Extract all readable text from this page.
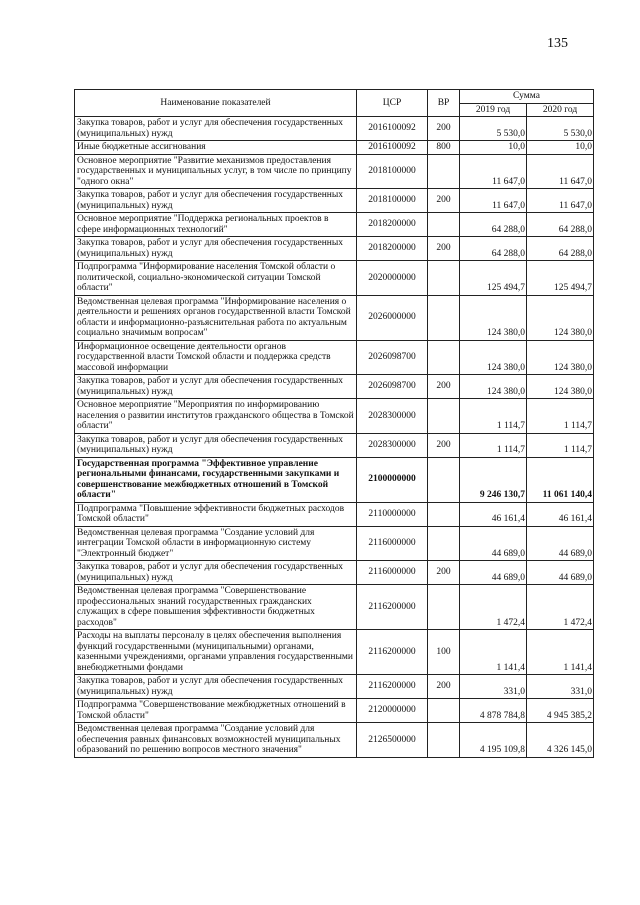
135
Наименование показателей	ЦСР	ВР	Сумма	
			2019 год	2020 год
Закупка товаров, работ и услуг для обеспечения государственных (муниципальных) нужд	2016100092	200	5 530,0	5 530,0
Иные бюджетные ассигнования	2016100092	800	10,0	10,0
Основное мероприятие "Развитие механизмов предоставления государственных и муниципальных услуг, в том числе по принципу "одного окна"	2018100000		11 647,0	11 647,0
Закупка товаров, работ и услуг для обеспечения государственных (муниципальных) нужд	2018100000	200	11 647,0	11 647,0
Основное мероприятие "Поддержка региональных проектов в сфере информационных технологий"	2018200000		64 288,0	64 288,0
Закупка товаров, работ и услуг для обеспечения государственных (муниципальных) нужд	2018200000	200	64 288,0	64 288,0
Подпрограмма "Информирование населения Томской области о политической, социально-экономической ситуации Томской области"	2020000000		125 494,7	125 494,7
Ведомственная целевая программа "Информирование населения о деятельности и решениях органов государственной власти Томской области и информационно-разъяснительная работа по актуальным социально значимым вопросам"	2026000000		124 380,0	124 380,0
Информационное освещение деятельности органов государственной власти Томской области и поддержка средств массовой информации	2026098700		124 380,0	124 380,0
Закупка товаров, работ и услуг для обеспечения государственных (муниципальных) нужд	2026098700	200	124 380,0	124 380,0
Основное мероприятие "Мероприятия по информированию населения о развитии институтов гражданского общества в Томской области"	2028300000		1 114,7	1 114,7
Закупка товаров, работ и услуг для обеспечения государственных (муниципальных) нужд	2028300000	200	1 114,7	1 114,7
Государственная программа "Эффективное управление региональными финансами, государственными закупками и совершенствование межбюджетных отношений в Томской области"	2100000000		9 246 130,7	11 061 140,4
Подпрограмма "Повышение эффективности бюджетных расходов Томской области"	2110000000		46 161,4	46 161,4
Ведомственная целевая программа "Создание условий для интеграции Томской области в информационную систему "Электронный бюджет"	2116000000		44 689,0	44 689,0
Закупка товаров, работ и услуг для обеспечения государственных (муниципальных) нужд	2116000000	200	44 689,0	44 689,0
Ведомственная целевая программа "Совершенствование профессиональных знаний государственных гражданских служащих в сфере повышения эффективности бюджетных расходов"	2116200000		1 472,4	1 472,4
Расходы на выплаты персоналу в целях обеспечения выполнения функций государственными (муниципальными) органами, казенными учреждениями, органами управления государственными внебюджетными фондами	2116200000	100	1 141,4	1 141,4
Закупка товаров, работ и услуг для обеспечения государственных (муниципальных) нужд	2116200000	200	331,0	331,0
Подпрограмма "Совершенствование межбюджетных отношений в Томской области"	2120000000		4 878 784,8	4 945 385,2
Ведомственная целевая программа "Создание условий для обеспечения равных финансовых возможностей муниципальных образований по решению вопросов местного значения"	2126500000		4 195 109,8	4 326 145,0
